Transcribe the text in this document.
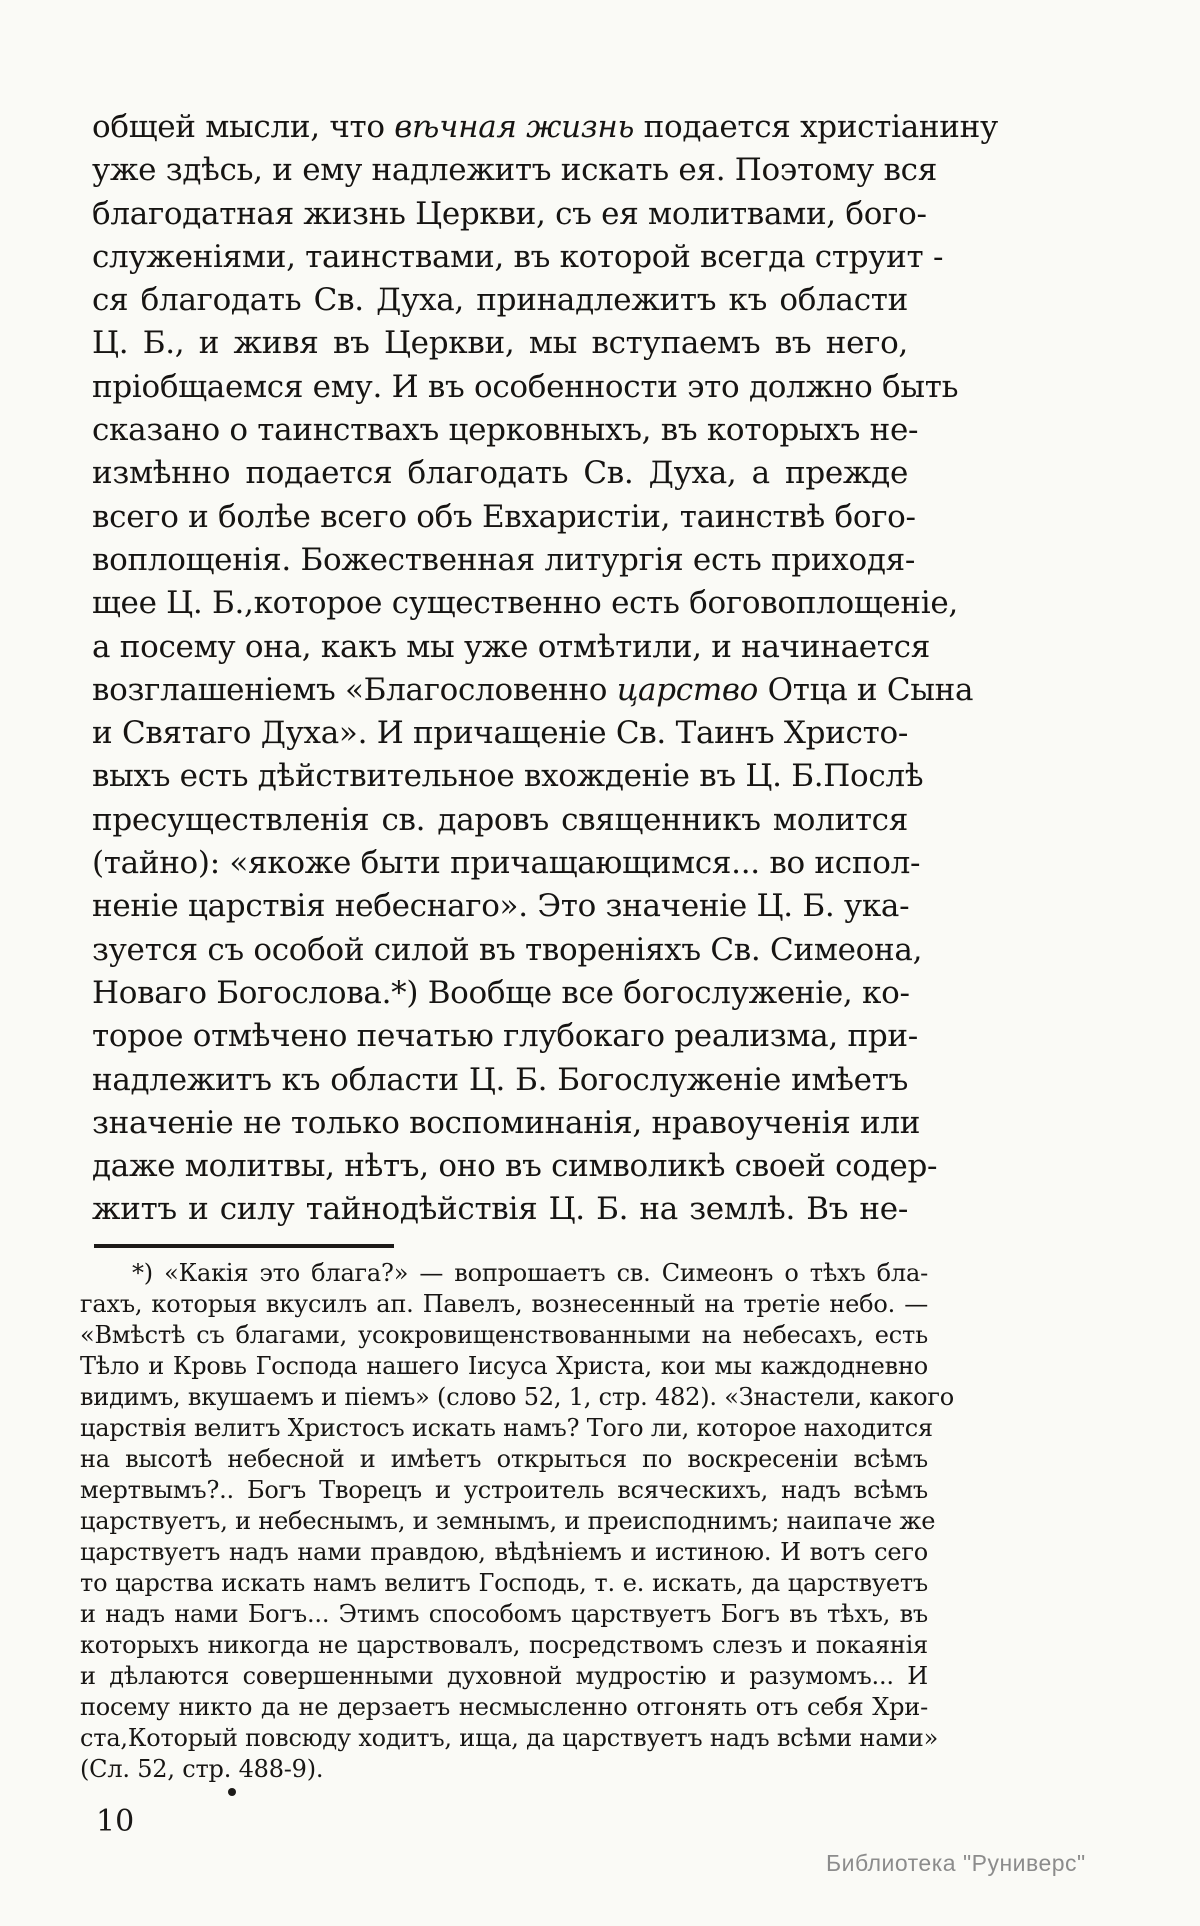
общей мысли, что вѣчная жизнь подается христіанину
уже здѣсь, и ему надлежитъ искать ея. Поэтому вся
благодатная жизнь Церкви, съ ея молитвами, бого-
служеніями, таинствами, въ которой всегда струит -
ся благодать Св. Духа, принадлежитъ къ области
Ц. Б., и живя въ Церкви, мы вступаемъ въ него,
пріобщаемся ему. И въ особенности это должно быть
сказано о таинствахъ церковныхъ, въ которыхъ не-
измѣнно подается благодать Св. Духа, а прежде
всего и болѣе всего объ Евхаристіи, таинствѣ бого-
воплощенія. Божественная литургія есть приходя-
щее Ц. Б.,которое существенно есть боговоплощеніе,
а посему она, какъ мы уже отмѣтили, и начинается
возглашеніемъ «Благословенно царство Отца и Сына
и Святаго Духа». И причащеніе Св. Таинъ Христо-
выхъ есть дѣйствительное вхожденіе въ Ц. Б.Послѣ
пресуществленія св. даровъ священникъ молится
(тайно): «якоже быти причащающимся... во испол-
неніе царствія небеснаго». Это значеніе Ц. Б. ука-
зуется съ особой силой въ твореніяхъ Св. Симеона,
Новаго Богослова.*) Вообще все богослуженіе, ко-
торое отмѣчено печатью глубокаго реализма, при-
надлежитъ къ области Ц. Б. Богослуженіе имѣетъ
значеніе не только воспоминанія, нравоученія или
даже молитвы, нѣтъ, оно въ символикѣ своей содер-
житъ и силу тайнодѣйствія Ц. Б. на землѣ. Въ не-
*) «Какія это блага?» — вопрошаетъ св. Симеонъ о тѣхъ бла-
гахъ, которыя вкусилъ ап. Павелъ, вознесенный на третіе небо. —
«Вмѣстѣ съ благами, усокровищенствованными на небесахъ, есть
Тѣло и Кровь Господа нашего Іисуса Христа, кои мы каждодневно
видимъ, вкушаемъ и піемъ» (слово 52, 1, стр. 482). «Знастели, какого
царствія велитъ Христосъ искать намъ? Того ли, которое находится
на высотѣ небесной и имѣетъ открыться по воскресеніи всѣмъ
мертвымъ?.. Богъ Творецъ и устроитель всяческихъ, надъ всѣмъ
царствуетъ, и небеснымъ, и земнымъ, и преисподнимъ; наипаче же
царствуетъ надъ нами правдою, вѣдѣніемъ и истиною. И вотъ сего
то царства искать намъ велитъ Господь, т. е. искать, да царствуетъ
и надъ нами Богъ... Этимъ способомъ царствуетъ Богъ въ тѣхъ, въ
которыхъ никогда не царствовалъ, посредствомъ слезъ и покаянія
и дѣлаются совершенными духовной мудростію и разумомъ... И
посему никто да не дерзаетъ несмысленно отгонять отъ себя Хри-
ста,Который повсюду ходитъ, ища, да царствуетъ надъ всѣми нами»
(Сл. 52, стр. 488-9).
10
Библиотека "Руниверс"
